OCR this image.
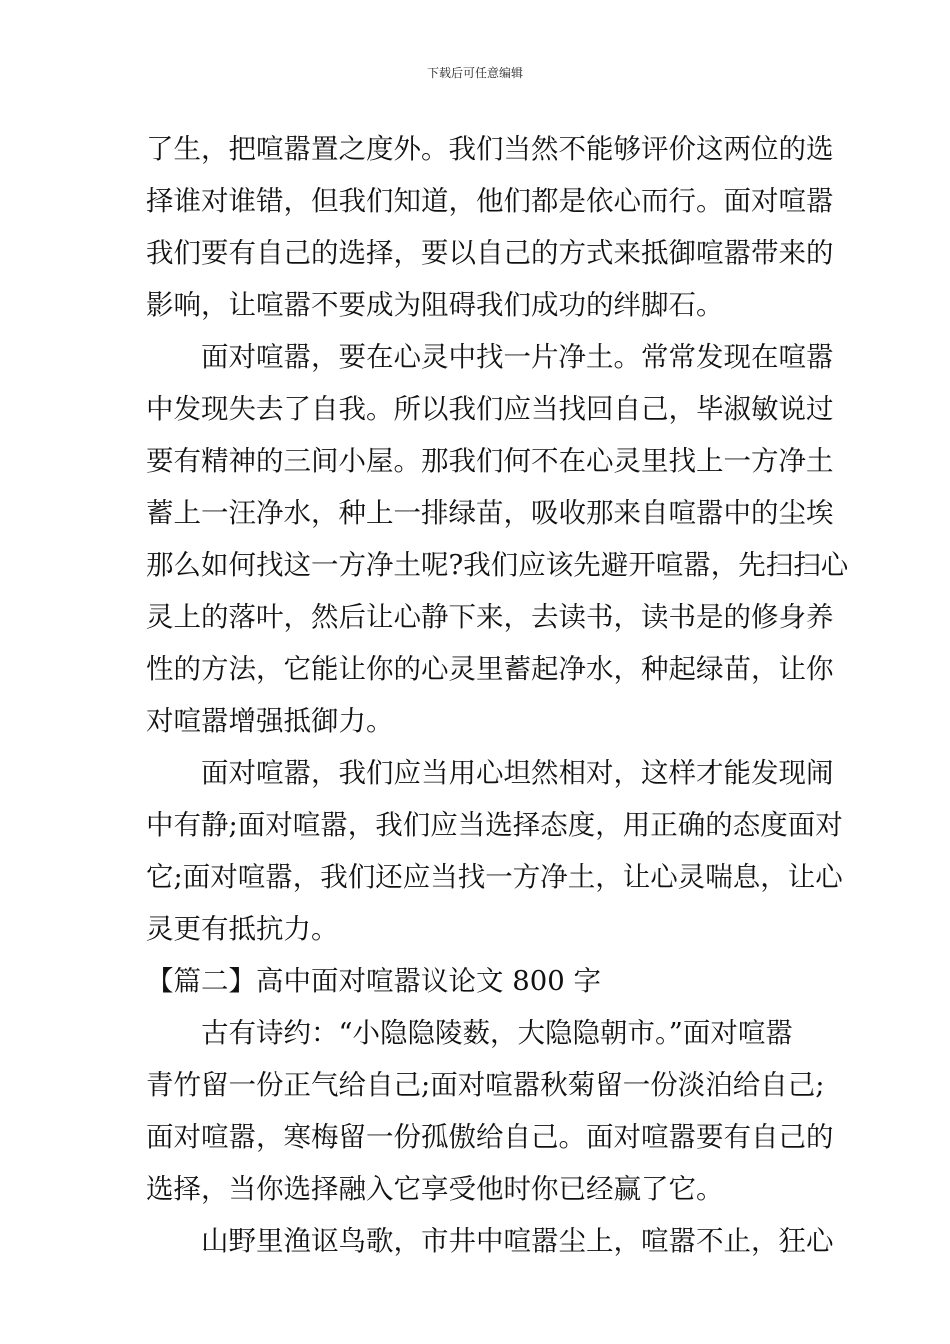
下载后可任意编辑
了生，把喧嚣置之度外。我们当然不能够评价这两位的选
择谁对谁错，但我们知道，他们都是依心而行。面对喧嚣
我们要有自己的选择，要以自己的方式来抵御喧嚣带来的
影响，让喧嚣不要成为阻碍我们成功的绊脚石。
　　面对喧嚣，要在心灵中找一片净土。常常发现在喧嚣
中发现失去了自我。所以我们应当找回自己，毕淑敏说过
要有精神的三间小屋。那我们何不在心灵里找上一方净土
蓄上一汪净水，种上一排绿苗，吸收那来自喧嚣中的尘埃
那么如何找这一方净土呢?我们应该先避开喧嚣，先扫扫心
灵上的落叶，然后让心静下来，去读书，读书是的修身养
性的方法，它能让你的心灵里蓄起净水，种起绿苗，让你
对喧嚣增强抵御力。
　　面对喧嚣，我们应当用心坦然相对，这样才能发现闹
中有静;面对喧嚣，我们应当选择态度，用正确的态度面对
它;面对喧嚣，我们还应当找一方净土，让心灵喘息，让心
灵更有抵抗力。
【篇二】高中面对喧嚣议论文 800 字
　　古有诗约：“小隐隐陵薮，大隐隐朝市。”面对喧嚣
青竹留一份正气给自己;面对喧嚣秋菊留一份淡泊给自己;
面对喧嚣，寒梅留一份孤傲给自己。面对喧嚣要有自己的
选择，当你选择融入它享受他时你已经赢了它。
　　山野里渔讴鸟歌，市井中喧嚣尘上，喧嚣不止，狂心
